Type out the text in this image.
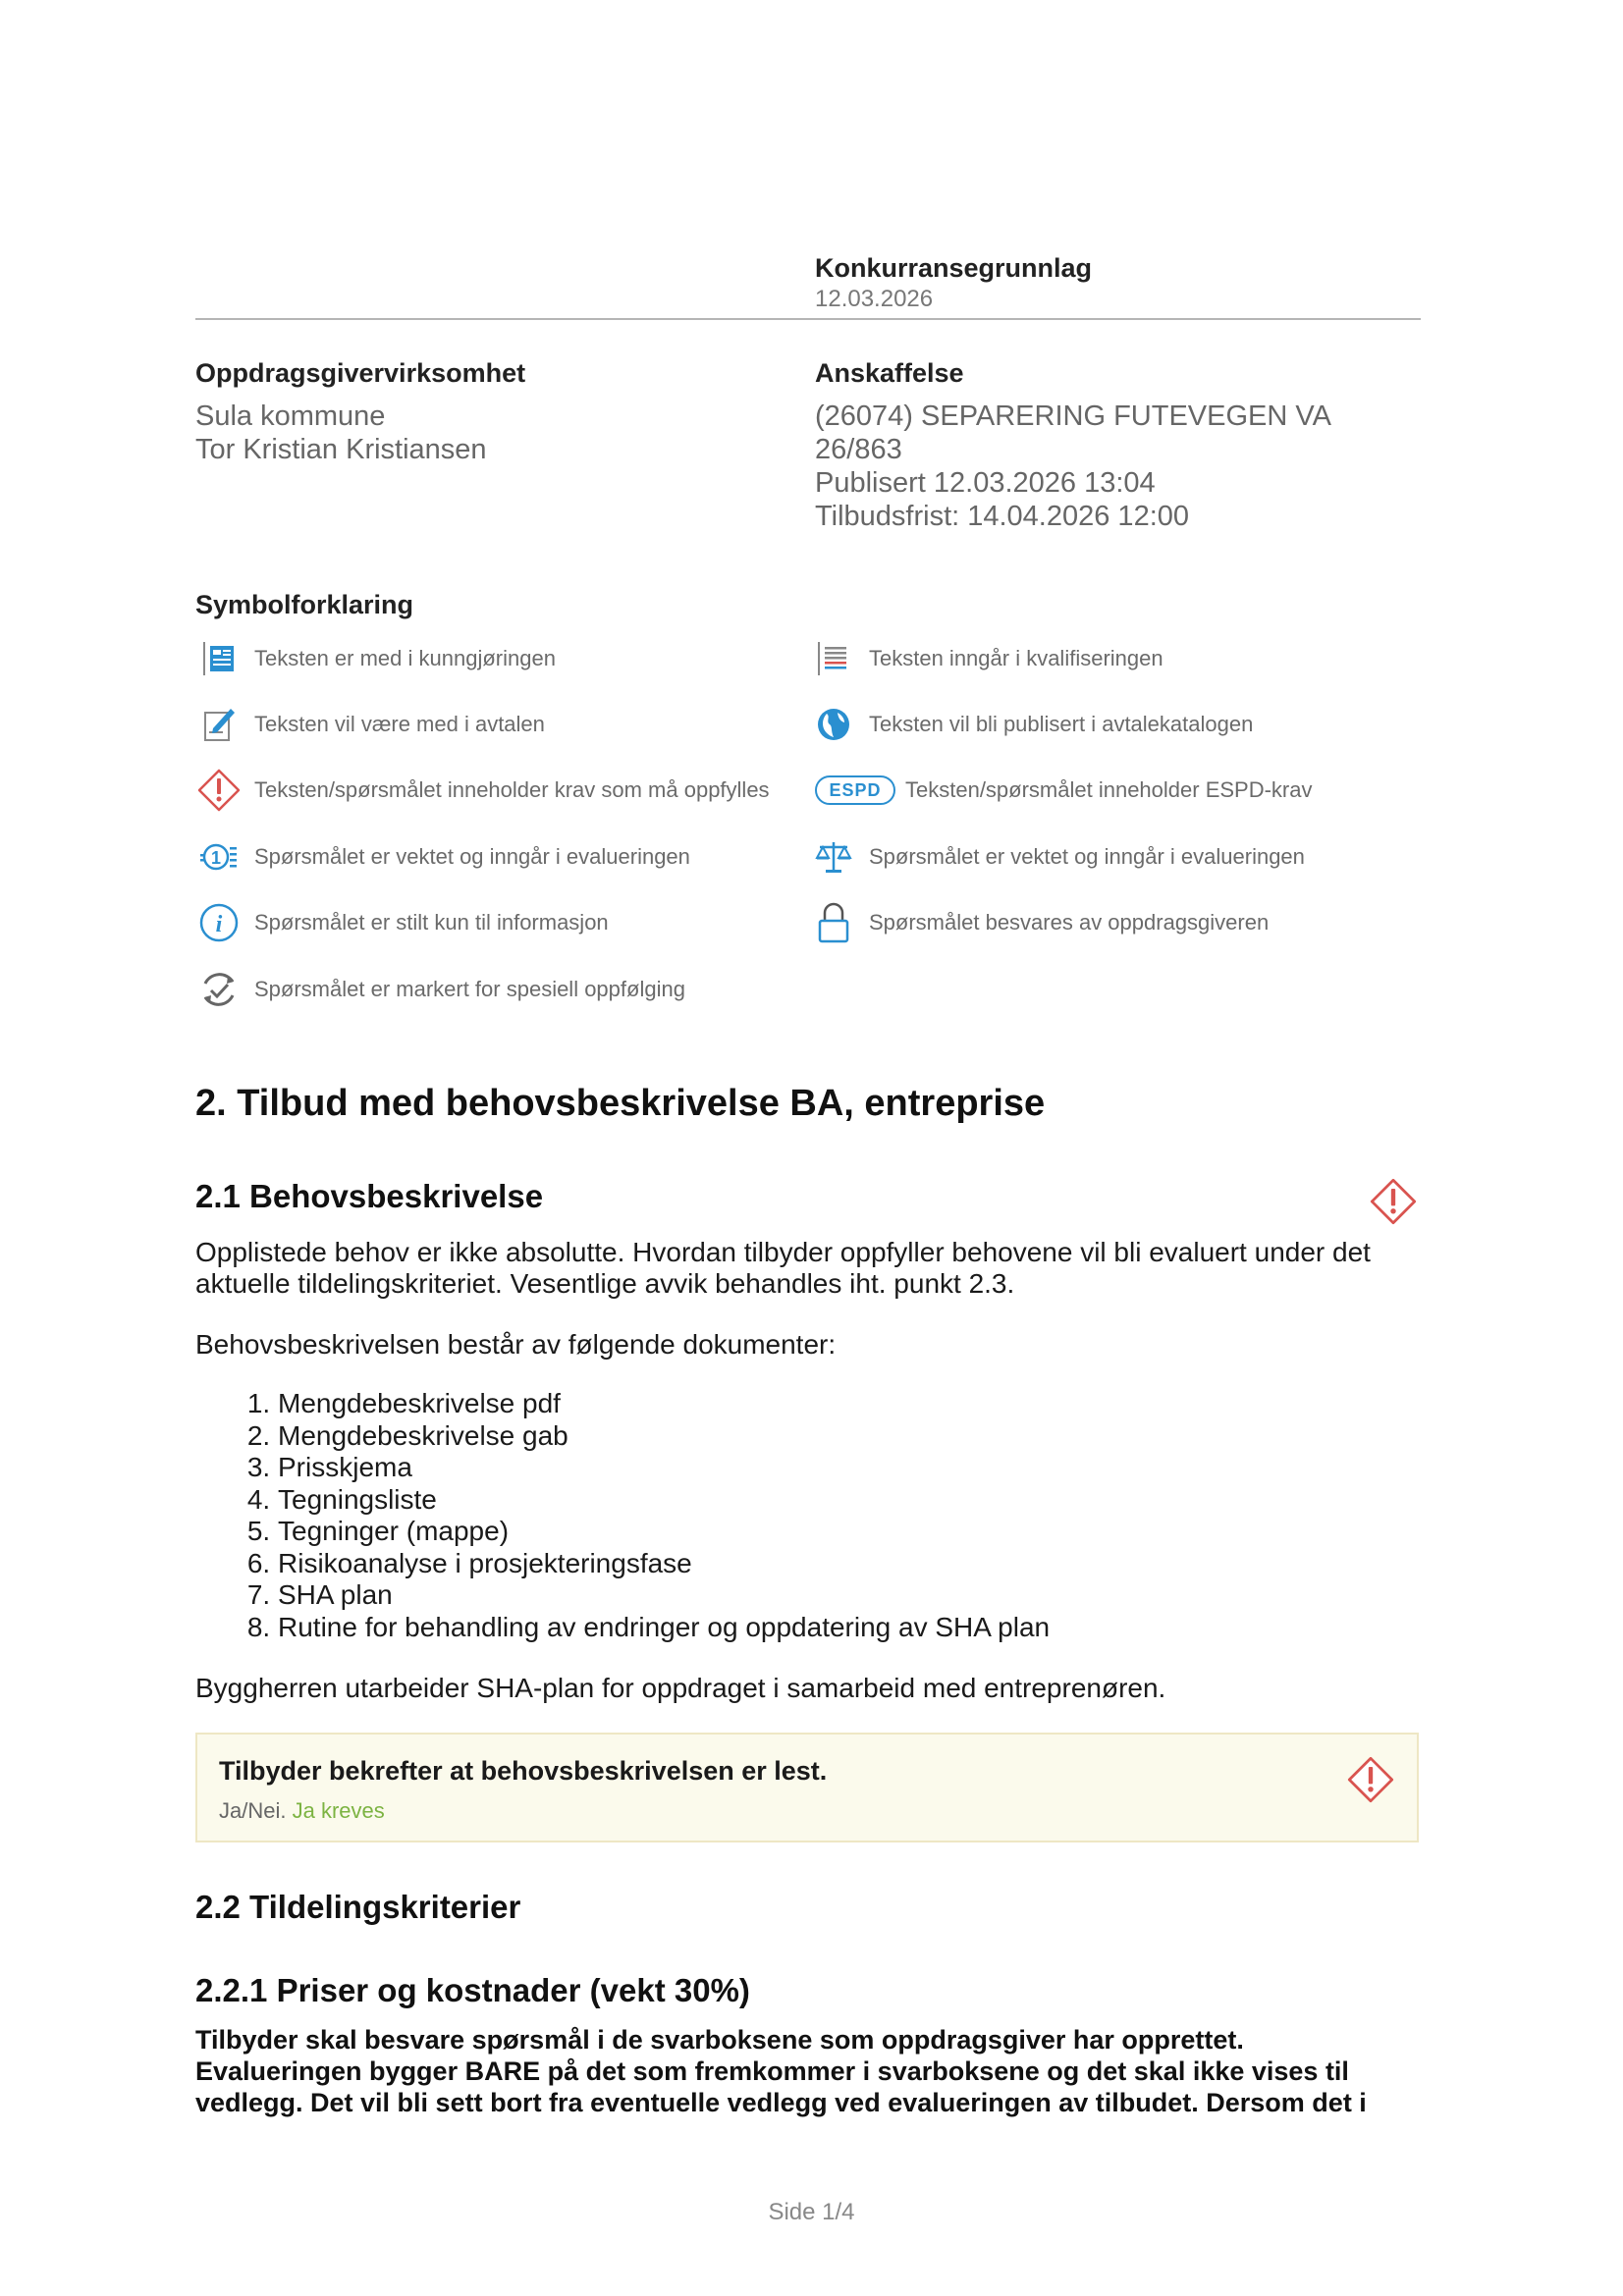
Konkurransegrunnlag
12.03.2026
Oppdragsgivervirksomhet
Sula kommune
Tor Kristian Kristiansen
Anskaffelse
(26074) SEPARERING FUTEVEGEN VA
26/863
Publisert 12.03.2026 13:04
Tilbudsfrist: 14.04.2026 12:00
Symbolforklaring
Teksten er med i kunngjøringen	Teksten inngår i kvalifiseringen
Teksten vil være med i avtalen	Teksten vil bli publisert i avtalekatalogen
Teksten/spørsmålet inneholder krav som må oppfylles	ESPD	Teksten/spørsmålet inneholder ESPD-krav
1 Spørsmålet er vektet og inngår i evalueringen	Spørsmålet er vektet og inngår i evalueringen
i Spørsmålet er stilt kun til informasjon	Spørsmålet besvares av oppdragsgiveren
Spørsmålet er markert for spesiell oppfølging
2. Tilbud med behovsbeskrivelse BA, entreprise
2.1 Behovsbeskrivelse
Opplistede behov er ikke absolutte. Hvordan tilbyder oppfyller behovene vil bli evaluert under det
aktuelle tildelingskriteriet. Vesentlige avvik behandles iht. punkt 2.3.
Behovsbeskrivelsen består av følgende dokumenter:
1. Mengdebeskrivelse pdf
2. Mengdebeskrivelse gab
3. Prisskjema
4. Tegningsliste
5. Tegninger (mappe)
6. Risikoanalyse i prosjekteringsfase
7. SHA plan
8. Rutine for behandling av endringer og oppdatering av SHA plan
Byggherren utarbeider SHA-plan for oppdraget i samarbeid med entreprenøren.
Tilbyder bekrefter at behovsbeskrivelsen er lest.
Ja/Nei. Ja kreves
2.2 Tildelingskriterier
2.2.1 Priser og kostnader (vekt 30%)
Tilbyder skal besvare spørsmål i de svarboksene som oppdragsgiver har opprettet.
Evalueringen bygger BARE på det som fremkommer i svarboksene og det skal ikke vises til
vedlegg. Det vil bli sett bort fra eventuelle vedlegg ved evalueringen av tilbudet. Dersom det i
Side 1/4
